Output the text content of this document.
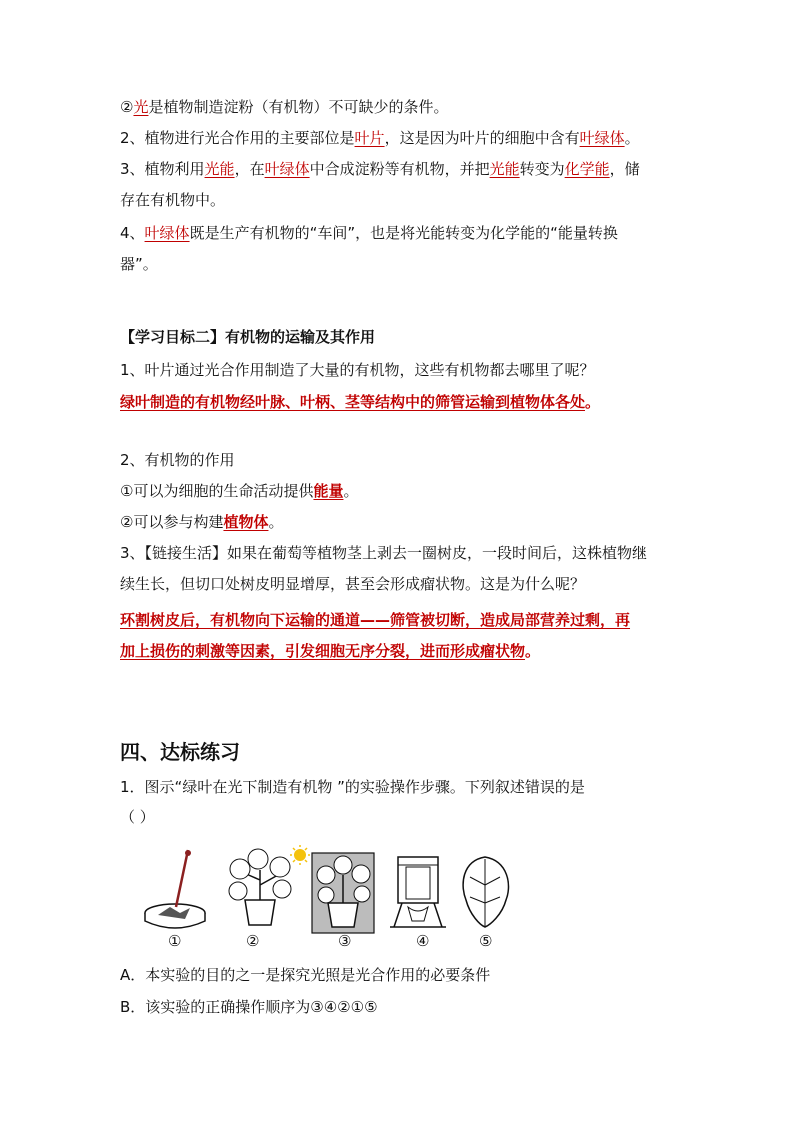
②光是植物制造淀粉（有机物）不可缺少的条件。
2、植物进行光合作用的主要部位是叶片，这是因为叶片的细胞中含有叶绿体。
3、植物利用光能，在叶绿体中合成淀粉等有机物，并把光能转变为化学能，储
存在有机物中。
4、叶绿体既是生产有机物的“车间”，也是将光能转变为化学能的“能量转换
器”。
【学习目标二】有机物的运输及其作用
1、叶片通过光合作用制造了大量的有机物，这些有机物都去哪里了呢？
绿叶制造的有机物经叶脉、叶柄、茎等结构中的筛管运输到植物体各处。
2、有机物的作用
①可以为细胞的生命活动提供能量。
②可以参与构建植物体。
3、【链接生活】如果在葡萄等植物茎上剥去一圈树皮，一段时间后，这株植物继
续生长，但切口处树皮明显增厚，甚至会形成瘤状物。这是为什么呢？
环割树皮后，有机物向下运输的通道——筛管被切断，造成局部营养过剩，再
加上损伤的刺激等因素，引发细胞无序分裂，进而形成瘤状物。
四、达标练习
1．图示“绿叶在光下制造有机物 ”的实验操作步骤。下列叙述错误的是
（ ）
①	②	③	④	⑤
A．本实验的目的之一是探究光照是光合作用的必要条件
B．该实验的正确操作顺序为③④②①⑤
